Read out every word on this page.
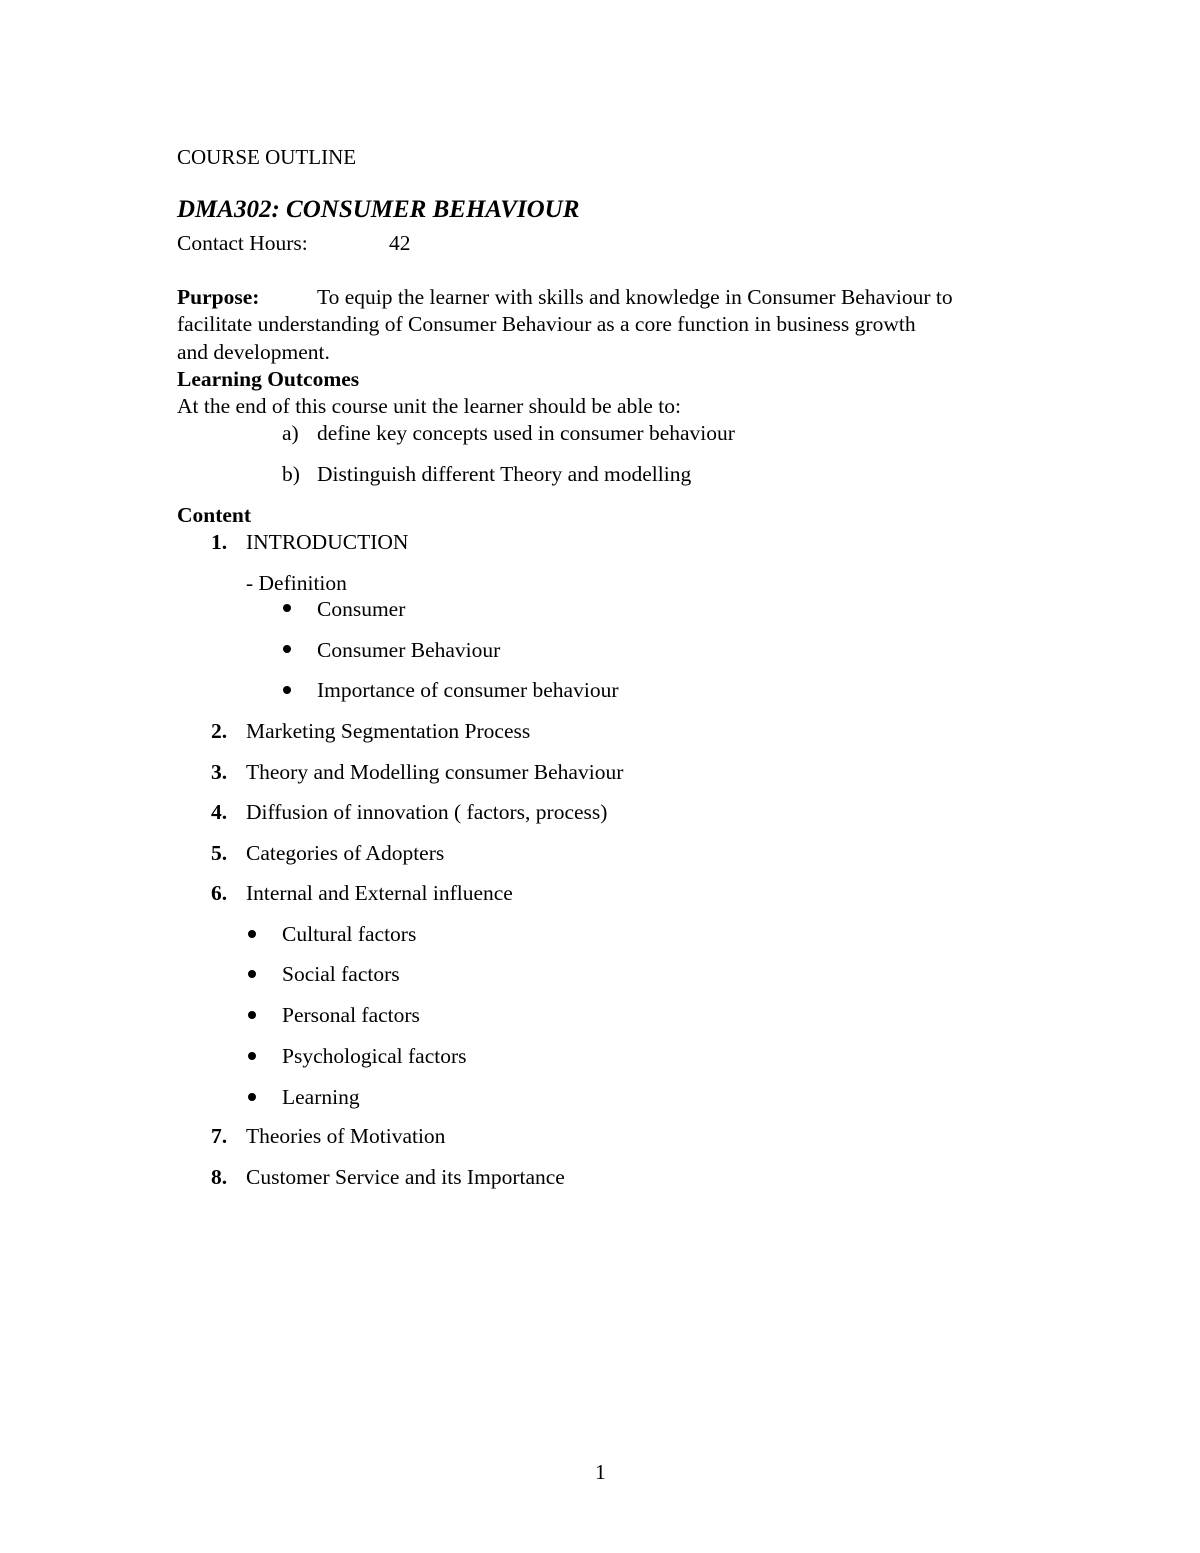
COURSE OUTLINE
DMA302: CONSUMER BEHAVIOUR
Contact Hours:	42
Purpose:	To equip the learner with skills and knowledge in Consumer Behaviour to
facilitate understanding of Consumer Behaviour as a core function in business growth
and development.
Learning Outcomes
At the end of this course unit the learner should be able to:
a) define key concepts used in consumer behaviour
b) Distinguish different Theory and modelling
Content
1. INTRODUCTION
- Definition
Consumer
Consumer Behaviour
Importance of consumer behaviour
2. Marketing Segmentation Process
3. Theory and Modelling consumer Behaviour
4. Diffusion of innovation ( factors, process)
5. Categories of Adopters
6. Internal and External influence
Cultural factors
Social factors
Personal factors
Psychological factors
Learning
7. Theories of Motivation
8. Customer Service and its Importance
1
